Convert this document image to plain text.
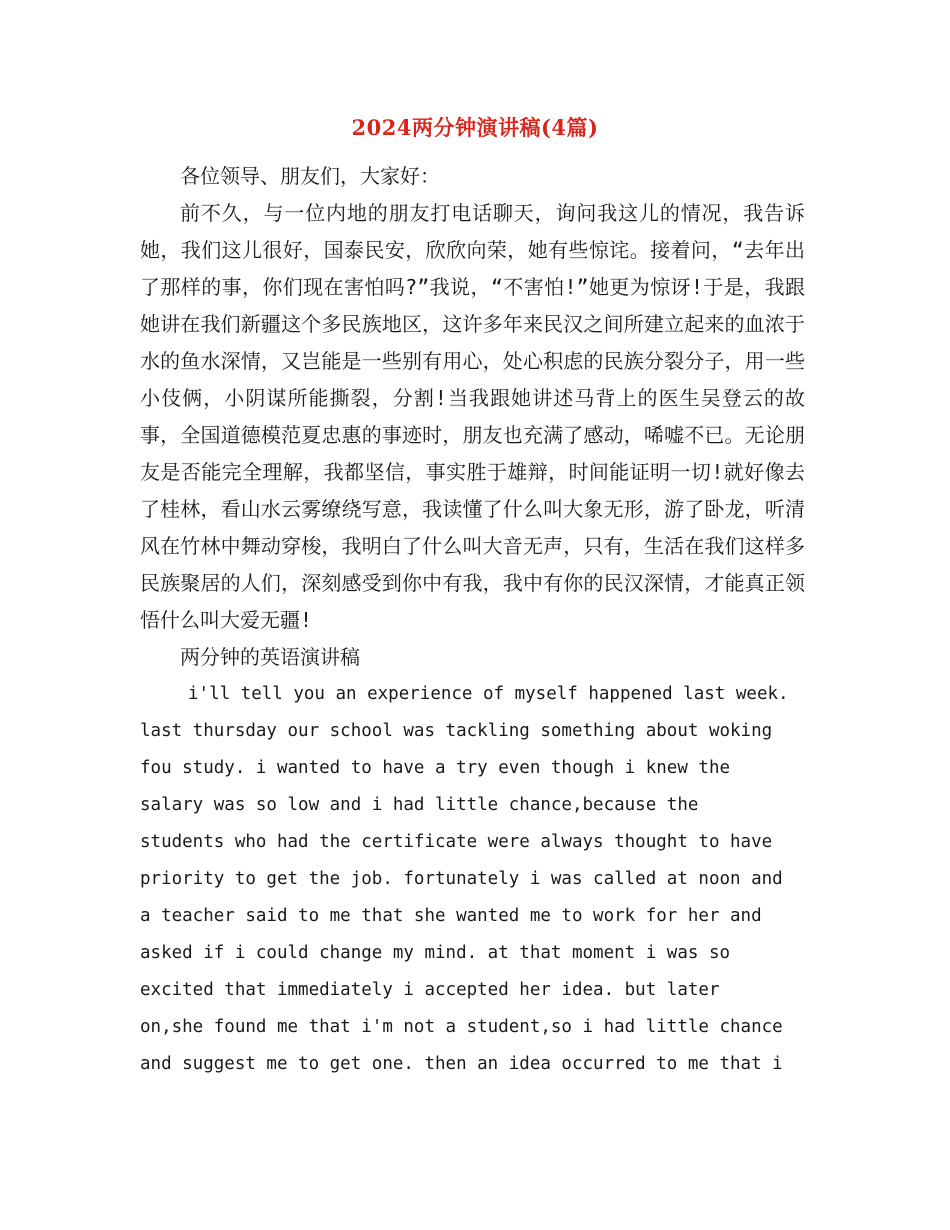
2024两分钟演讲稿(4篇)

各位领导、朋友们，大家好：

前不久，与一位内地的朋友打电话聊天，询问我这儿的情况，我告诉她，我们这儿很好，国泰民安，欣欣向荣，她有些惊诧。接着问，“去年出了那样的事，你们现在害怕吗?”我说，“不害怕!”她更为惊讶!于是，我跟她讲在我们新疆这个多民族地区，这许多年来民汉之间所建立起来的血浓于水的鱼水深情，又岂能是一些别有用心，处心积虑的民族分裂分子，用一些小伎俩，小阴谋所能撕裂，分割!当我跟她讲述马背上的医生吴登云的故事，全国道德模范夏忠惠的事迹时，朋友也充满了感动，唏嘘不已。无论朋友是否能完全理解，我都坚信，事实胜于雄辩，时间能证明一切!就好像去了桂林，看山水云雾缭绕写意，我读懂了什么叫大象无形，游了卧龙，听清风在竹林中舞动穿梭，我明白了什么叫大音无声，只有，生活在我们这样多民族聚居的人们，深刻感受到你中有我，我中有你的民汉深情，才能真正领悟什么叫大爱无疆!

两分钟的英语演讲稿

i'll tell you an experience of myself happened last week.
last thursday our school was tackling something about woking
fou study. i wanted to have a try even though i knew the
salary was so low and i had little chance,because the
students who had the certificate were always thought to have
priority to get the job. fortunately i was called at noon and
a teacher said to me that she wanted me to work for her and
asked if i could change my mind. at that moment i was so
excited that immediately i accepted her idea. but later
on,she found me that i'm not a student,so i had little chance
and suggest me to get one. then an idea occurred to me that i
